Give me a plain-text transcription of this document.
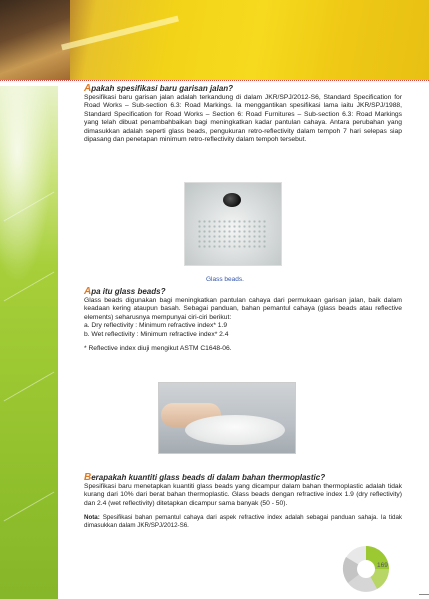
Apakah spesifikasi baru garisan jalan?

Spesifikasi baru garisan jalan adalah terkandung di dalam JKR/SPJ/2012-S6, Standard Specification for Road Works – Sub-section 6.3: Road Markings. Ia menggantikan spesifikasi lama iaitu JKR/SPJ/1988, Standard Specification for Road Works – Section 6: Road Furnitures – Sub-section 6.3: Road Markings yang telah dibuat penambahbaikan bagi meningkatkan kadar pantulan cahaya. Antara perubahan yang dimasukkan adalah seperti glass beads, pengukuran retro-reflectivity dalam tempoh 7 hari selepas siap dipasang dan penetapan minimum retro-reflectivity dalam tempoh tersebut.

Glass beads.
Apa itu glass beads?

Glass beads digunakan bagi meningkatkan pantulan cahaya dari permukaan garisan jalan, baik dalam keadaan kering ataupun basah. Sebagai panduan, bahan pemantul cahaya (glass beads atau reflective elements) seharusnya mempunyai ciri-ciri berikut:

a. Dry reflectivity : Minimum refractive index* 1.9

b. Wet reflectivity : Minimum refractive index* 2.4

* Reflective index diuji mengikut ASTM C1648-06.

Berapakah kuantiti glass beads di dalam bahan thermoplastic?

Spesifikasi baru menetapkan kuantiti glass beads yang dicampur dalam bahan thermoplastic adalah tidak kurang dari 10% dari berat bahan thermoplastic. Glass beads dengan refractive index 1.9 (dry reflectivity) dan 2.4 (wet reflectivity) ditetapkan dicampur sama banyak (50 - 50).

Nota: Spesifikasi bahan pemantul cahaya dari aspek refractive index adalah sebagai panduan sahaja. Ia tidak dimasukkan dalam JKR/SPJ/2012-S6.

169
